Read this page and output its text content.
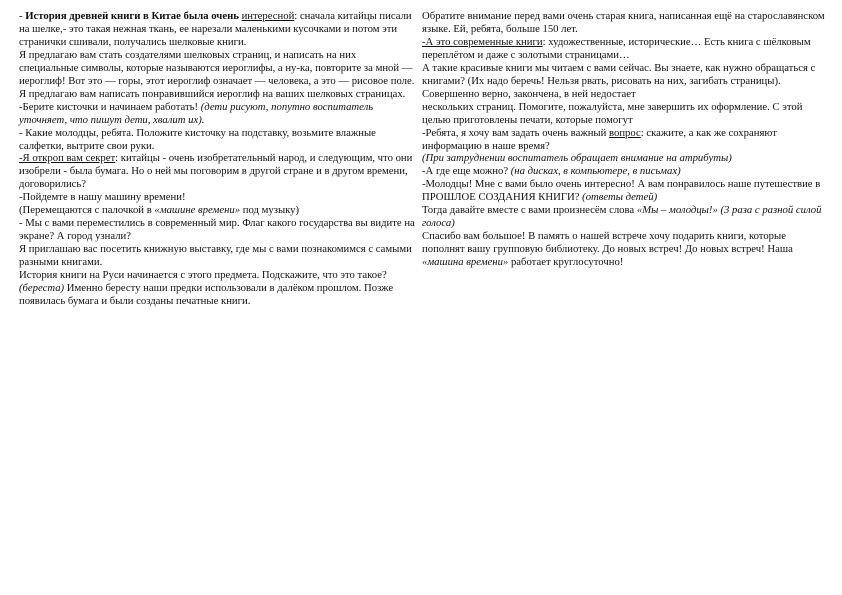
- История древней книги в Китае была очень интересной: сначала китайцы писали на шелке,- это такая нежная ткань, ее нарезали маленькими кусочками и потом эти странички сшивали, получались шелковые книги.

Я предлагаю вам стать создателями шелковых страниц, и написать на них специальные символы, которые называются иероглифы, а ну-ка, повторите за мной — иероглиф! Вот это — горы, этот иероглиф означает — человека, а это — рисовое поле.

Я предлагаю вам написать понравившийся иероглиф на ваших шелковых страницах.

-Берите кисточки и начинаем работать! (дети рисуют, попутно воспитатель уточняет, что пишут дети, хвалит их).

- Какие молодцы, ребята. Положите кисточку на подставку, возьмите влажные салфетки, вытрите свои руки.

-Я откроп вам секрет: китайцы - очень изобретательный народ, и следующим, что они изобрели - была бумага. Но о ней мы поговорим в другой стране и в другом времени, договорились?

-Пойдемте в нашу машину времени!

(Перемещаются с палочкой в «машине времени» под музыку)

- Мы с вами переместились в современный мир. Флаг какого государства вы видите на экране? А город узнали?

Я приглашаю вас посетить книжную выставку, где мы с вами познакомимся с самыми разными книгами.

История книги на Руси начинается с этого предмета. Подскажите, что это такое? (береста) Именно бересту наши предки использовали в далёком прошлом. Позже появилась бумага и были созданы печатные книги.

Обратите внимание перед вами очень старая книга, написанная ещё на старославянском языке. Ей, ребята, больше 150 лет.

-А это современные книги: художественные, исторические… Есть книга с шёлковым переплётом и даже с золотыми страницами…

А такие красивые книги мы читаем с вами сейчас. Вы знаете, как нужно обращаться с книгами? (Их надо беречь! Нельзя рвать, рисовать на них, загибать страницы).

Совершенно верно, закончена, в ней недостает

нескольких страниц. Помогите, пожалуйста, мне завершить их оформление. С этой целью приготовлены печати, которые помогут

-Ребята, я хочу вам задать очень важный вопрос: скажите, а как же сохраняют информацию в наше время?

(При затруднении воспитатель обращает внимание на атрибуты)

-А где еще можно? (на дисках, в компьютере, в письмах)

-Молодцы! Мне с вами было очень интересно! А вам понравилось наше путешествие в ПРОШЛОЕ СОЗДАНИЯ КНИГИ? (ответы детей)

Тогда давайте вместе с вами произнесём слова «Мы – молодцы!» (3 раза с разной силой голоса)

Спасибо вам большое! В память о нашей встрече хочу подарить книги, которые пополнят вашу групповую библиотеку. До новых встреч! До новых встреч! Наша «машина времени» работает круглосуточно!
